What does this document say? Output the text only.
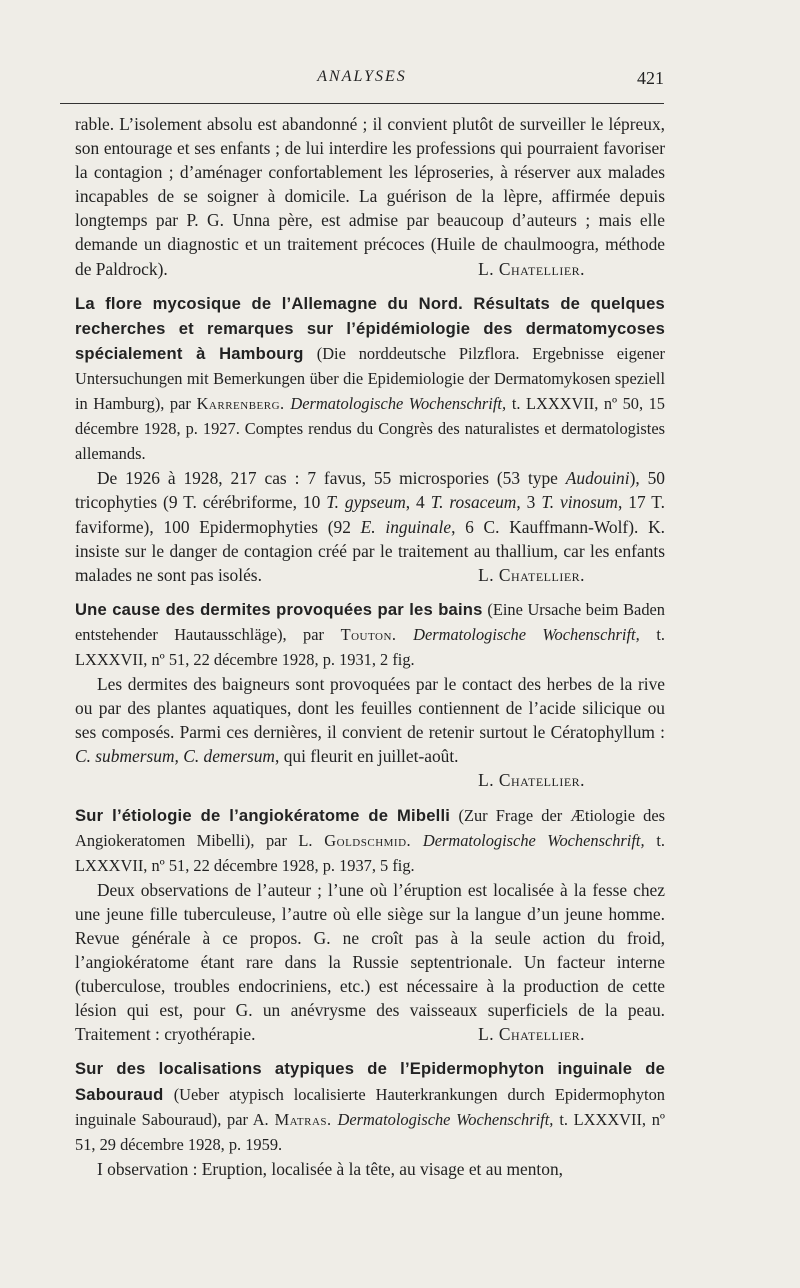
ANALYSES	421

rable. L’isolement absolu est abandonné ; il convient plutôt de surveiller le lépreux, son entourage et ses enfants ; de lui interdire les professions qui pourraient favoriser la contagion ; d’aménager confortablement les léproseries, à réserver aux malades incapables de se soigner à domicile. La guérison de la lèpre, affirmée depuis longtemps par P. G. Unna père, est admise par beaucoup d’auteurs ; mais elle demande un diagnostic et un traitement précoces (Huile de chaulmoogra, méthode de Paldrock).	L. Chatellier.

La flore mycosique de l’Allemagne du Nord. Résultats de quelques recherches et remarques sur l’épidémiologie des dermatomycoses spécialement à Hambourg (Die norddeutsche Pilzflora. Ergebnisse eigener Untersuchungen mit Bemerkungen über die Epidemiologie der Dermatomykosen speziell in Hamburg), par Karrenberg. Dermatologische Wochenschrift, t. LXXXVII, nº 50, 15 décembre 1928, p. 1927. Comptes rendus du Congrès des naturalistes et dermatologistes allemands.

De 1926 à 1928, 217 cas : 7 favus, 55 microspories (53 type Audouini), 50 tricophyties (9 T. cérébriforme, 10 T. gypseum, 4 T. rosaceum, 3 T. vinosum, 17 T. faviforme), 100 Epidermophyties (92 E. inguinale, 6 C. Kauffmann-Wolf). K. insiste sur le danger de contagion créé par le traitement au thallium, car les enfants malades ne sont pas isolés.	L. Chatellier.

Une cause des dermites provoquées par les bains (Eine Ursache beim Baden entstehender Hautausschläge), par Touton. Dermatologische Wochenschrift, t. LXXXVII, nº 51, 22 décembre 1928, p. 1931, 2 fig.

Les dermites des baigneurs sont provoquées par le contact des herbes de la rive ou par des plantes aquatiques, dont les feuilles contiennent de l’acide silicique ou ses composés. Parmi ces dernières, il convient de retenir surtout le Cératophyllum : C. submersum, C. demersum, qui fleurit en juillet-août.
L. Chatellier.

Sur l’étiologie de l’angiokératome de Mibelli (Zur Frage der Ætiologie des Angiokeratomen Mibelli), par L. Goldschmid. Dermatologische Wochenschrift, t. LXXXVII, nº 51, 22 décembre 1928, p. 1937, 5 fig.

Deux observations de l’auteur ; l’une où l’éruption est localisée à la fesse chez une jeune fille tuberculeuse, l’autre où elle siège sur la langue d’un jeune homme. Revue générale à ce propos. G. ne croît pas à la seule action du froid, l’angiokératome étant rare dans la Russie septentrionale. Un facteur interne (tuberculose, troubles endocriniens, etc.) est nécessaire à la production de cette lésion qui est, pour G. un anévrysme des vaisseaux superficiels de la peau. Traitement : cryothérapie.	L. Chatellier.

Sur des localisations atypiques de l’Epidermophyton inguinale de Sabouraud (Ueber atypisch localisierte Hauterkrankungen durch Epidermophyton inguinale Sabouraud), par A. Matras. Dermatologische Wochenschrift, t. LXXXVII, nº 51, 29 décembre 1928, p. 1959.

I observation : Eruption, localisée à la tête, au visage et au menton,
